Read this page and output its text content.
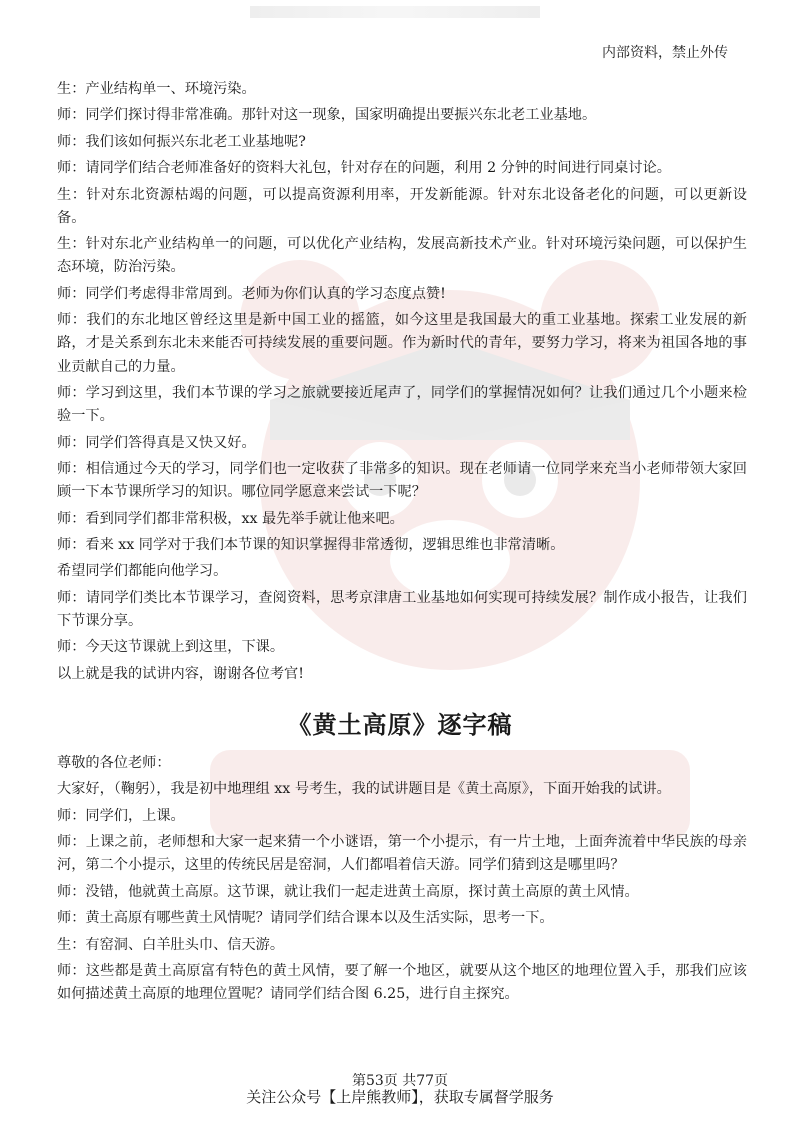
内部资料，禁止外传

生：产业结构单一、环境污染。

师：同学们探讨得非常准确。那针对这一现象，国家明确提出要振兴东北老工业基地。

师：我们该如何振兴东北老工业基地呢?

师：请同学们结合老师准备好的资料大礼包，针对存在的问题，利用 2 分钟的时间进行同桌讨论。

生：针对东北资源枯竭的问题，可以提高资源利用率，开发新能源。针对东北设备老化的问题，可以更新设备。

生：针对东北产业结构单一的问题，可以优化产业结构，发展高新技术产业。针对环境污染问题，可以保护生态环境，防治污染。

师：同学们考虑得非常周到。老师为你们认真的学习态度点赞!

师：我们的东北地区曾经这里是新中国工业的摇篮，如今这里是我国最大的重工业基地。探索工业发展的新路，才是关系到东北未来能否可持续发展的重要问题。作为新时代的青年，要努力学习，将来为祖国各地的事业贡献自己的力量。

师：学习到这里，我们本节课的学习之旅就要接近尾声了，同学们的掌握情况如何？让我们通过几个小题来检验一下。

师：同学们答得真是又快又好。

师：相信通过今天的学习，同学们也一定收获了非常多的知识。现在老师请一位同学来充当小老师带领大家回顾一下本节课所学习的知识。哪位同学愿意来尝试一下呢？

师：看到同学们都非常积极，xx 最先举手就让他来吧。

师：看来 xx 同学对于我们本节课的知识掌握得非常透彻，逻辑思维也非常清晰。

希望同学们都能向他学习。

师：请同学们类比本节课学习，查阅资料，思考京津唐工业基地如何实现可持续发展？制作成小报告，让我们下节课分享。

师：今天这节课就上到这里，下课。

以上就是我的试讲内容，谢谢各位考官!

《黄土高原》逐字稿

尊敬的各位老师：

大家好，（鞠躬），我是初中地理组 xx 号考生，我的试讲题目是《黄土高原》，下面开始我的试讲。

师：同学们，上课。

师：上课之前，老师想和大家一起来猜一个小谜语，第一个小提示，有一片土地，上面奔流着中华民族的母亲河，第二个小提示，这里的传统民居是窑洞，人们都唱着信天游。同学们猜到这是哪里吗？

师：没错，他就黄土高原。这节课，就让我们一起走进黄土高原，探讨黄土高原的黄土风情。

师：黄土高原有哪些黄土风情呢？请同学们结合课本以及生活实际，思考一下。

生：有窑洞、白羊肚头巾、信天游。

师：这些都是黄土高原富有特色的黄土风情，要了解一个地区，就要从这个地区的地理位置入手，那我们应该如何描述黄土高原的地理位置呢？请同学们结合图 6.25，进行自主探究。

第53页 共77页
关注公众号【上岸熊教师】，获取专属督学服务
